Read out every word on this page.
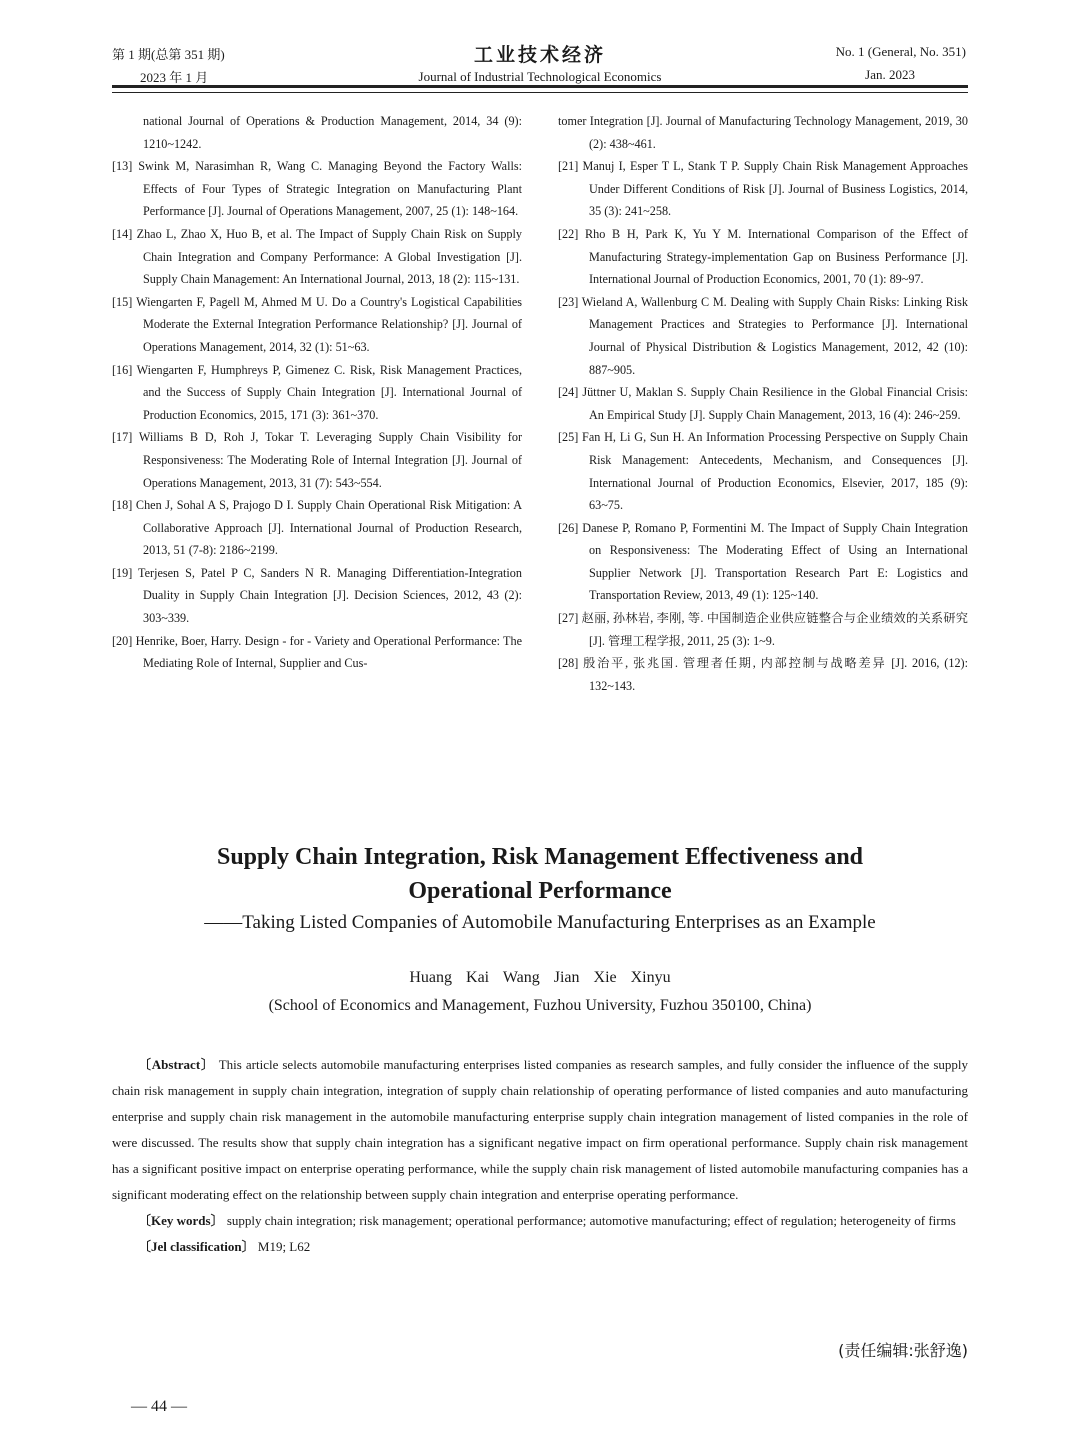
第 1 期(总第 351 期)
2023 年 1 月
工业技术经济
Journal of Industrial Technological Economics
No. 1 (General, No. 351)
Jan. 2023

national Journal of Operations & Production Management, 2014, 34 (9): 1210~1242.

[13] Swink M, Narasimhan R, Wang C. Managing Beyond the Factory Walls: Effects of Four Types of Strategic Integration on Manufacturing Plant Performance [J]. Journal of Operations Management, 2007, 25 (1): 148~164.

[14] Zhao L, Zhao X, Huo B, et al. The Impact of Supply Chain Risk on Supply Chain Integration and Company Performance: A Global Investigation [J]. Supply Chain Management: An International Journal, 2013, 18 (2): 115~131.

[15] Wiengarten F, Pagell M, Ahmed M U. Do a Country's Logistical Capabilities Moderate the External Integration Performance Relationship? [J]. Journal of Operations Management, 2014, 32 (1): 51~63.

[16] Wiengarten F, Humphreys P, Gimenez C. Risk, Risk Management Practices, and the Success of Supply Chain Integration [J]. International Journal of Production Economics, 2015, 171 (3): 361~370.

[17] Williams B D, Roh J, Tokar T. Leveraging Supply Chain Visibility for Responsiveness: The Moderating Role of Internal Integration [J]. Journal of Operations Management, 2013, 31 (7): 543~554.

[18] Chen J, Sohal A S, Prajogo D I. Supply Chain Operational Risk Mitigation: A Collaborative Approach [J]. International Journal of Production Research, 2013, 51 (7-8): 2186~2199.

[19] Terjesen S, Patel P C, Sanders N R. Managing Differentiation-Integration Duality in Supply Chain Integration [J]. Decision Sciences, 2012, 43 (2): 303~339.

[20] Henrike, Boer, Harry. Design - for - Variety and Operational Performance: The Mediating Role of Internal, Supplier and Cus-

tomer Integration [J]. Journal of Manufacturing Technology Management, 2019, 30 (2): 438~461.

[21] Manuj I, Esper T L, Stank T P. Supply Chain Risk Management Approaches Under Different Conditions of Risk [J]. Journal of Business Logistics, 2014, 35 (3): 241~258.

[22] Rho B H, Park K, Yu Y M. International Comparison of the Effect of Manufacturing Strategy-implementation Gap on Business Performance [J]. International Journal of Production Economics, 2001, 70 (1): 89~97.

[23] Wieland A, Wallenburg C M. Dealing with Supply Chain Risks: Linking Risk Management Practices and Strategies to Performance [J]. International Journal of Physical Distribution & Logistics Management, 2012, 42 (10): 887~905.

[24] Jüttner U, Maklan S. Supply Chain Resilience in the Global Financial Crisis: An Empirical Study [J]. Supply Chain Management, 2013, 16 (4): 246~259.

[25] Fan H, Li G, Sun H. An Information Processing Perspective on Supply Chain Risk Management: Antecedents, Mechanism, and Consequences [J]. International Journal of Production Economics, Elsevier, 2017, 185 (9): 63~75.

[26] Danese P, Romano P, Formentini M. The Impact of Supply Chain Integration on Responsiveness: The Moderating Effect of Using an International Supplier Network [J]. Transportation Research Part E: Logistics and Transportation Review, 2013, 49 (1): 125~140.

[27] 赵丽, 孙林岩, 李刚, 等. 中国制造企业供应链整合与企业绩效的关系研究 [J]. 管理工程学报, 2011, 25 (3): 1~9.

[28] 殷治平, 张兆国. 管理者任期, 内部控制与战略差异 [J]. 2016, (12): 132~143.

Supply Chain Integration, Risk Management Effectiveness and
Operational Performance
——Taking Listed Companies of Automobile Manufacturing Enterprises as an Example
Huang Kai Wang Jian Xie Xinyu
(School of Economics and Management, Fuzhou University, Fuzhou 350100, China)

〔Abstract〕 This article selects automobile manufacturing enterprises listed companies as research samples, and fully consider the influence of the supply chain risk management in supply chain integration, integration of supply chain relationship of operating performance of listed companies and auto manufacturing enterprise and supply chain risk management in the automobile manufacturing enterprise supply chain integration management of listed companies in the role of were discussed. The results show that supply chain integration has a significant negative impact on firm operational performance. Supply chain risk management has a significant positive impact on enterprise operating performance, while the supply chain risk management of listed automobile manufacturing companies has a significant moderating effect on the relationship between supply chain integration and enterprise operating performance.

〔Key words〕 supply chain integration; risk management; operational performance; automotive manufacturing; effect of regulation; heterogeneity of firms

〔Jel classification〕 M19; L62

(责任编辑:张舒逸)
— 44 —
